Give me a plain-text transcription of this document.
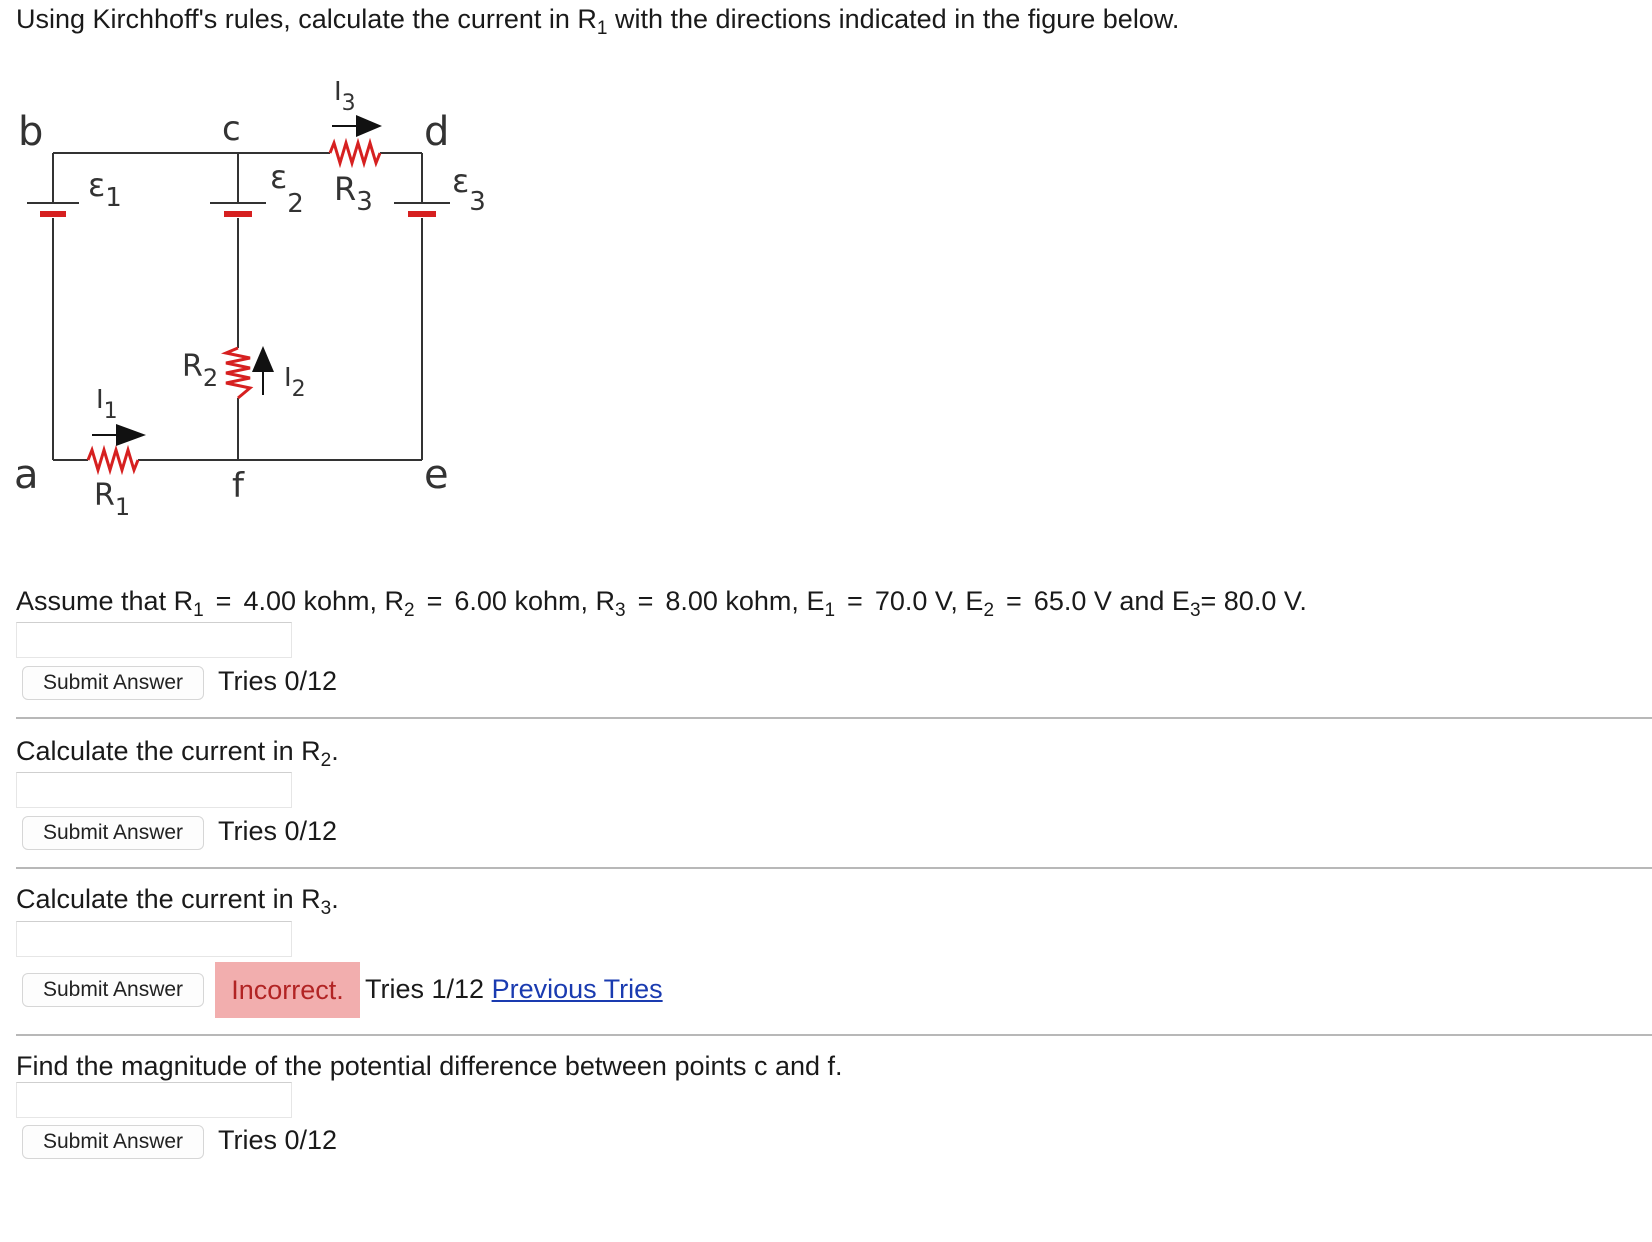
Using Kirchhoff's rules, calculate the current in $R_1$ with the directions indicated in the figure below.
b	c	d
a	f	e
ε1
ε2
ε3
R3
R2
R1
I3
I2
I1
Assume that $R_1 = 4.00$ kohm, $R_2 = 6.00$ kohm, $R_3 = 8.00$ kohm, $E_1 = 70.0$ V, $E_2 = 65.0$ V and $E_3= 80.0$ V.
Submit Answer	Tries 0/12
Calculate the current in $R_2$.
Submit Answer	Tries 0/12
Calculate the current in $R_3$.
Submit Answer	Incorrect. Tries 1/12 Previous Tries
Find the magnitude of the potential difference between points c and f.
Submit Answer	Tries 0/12
